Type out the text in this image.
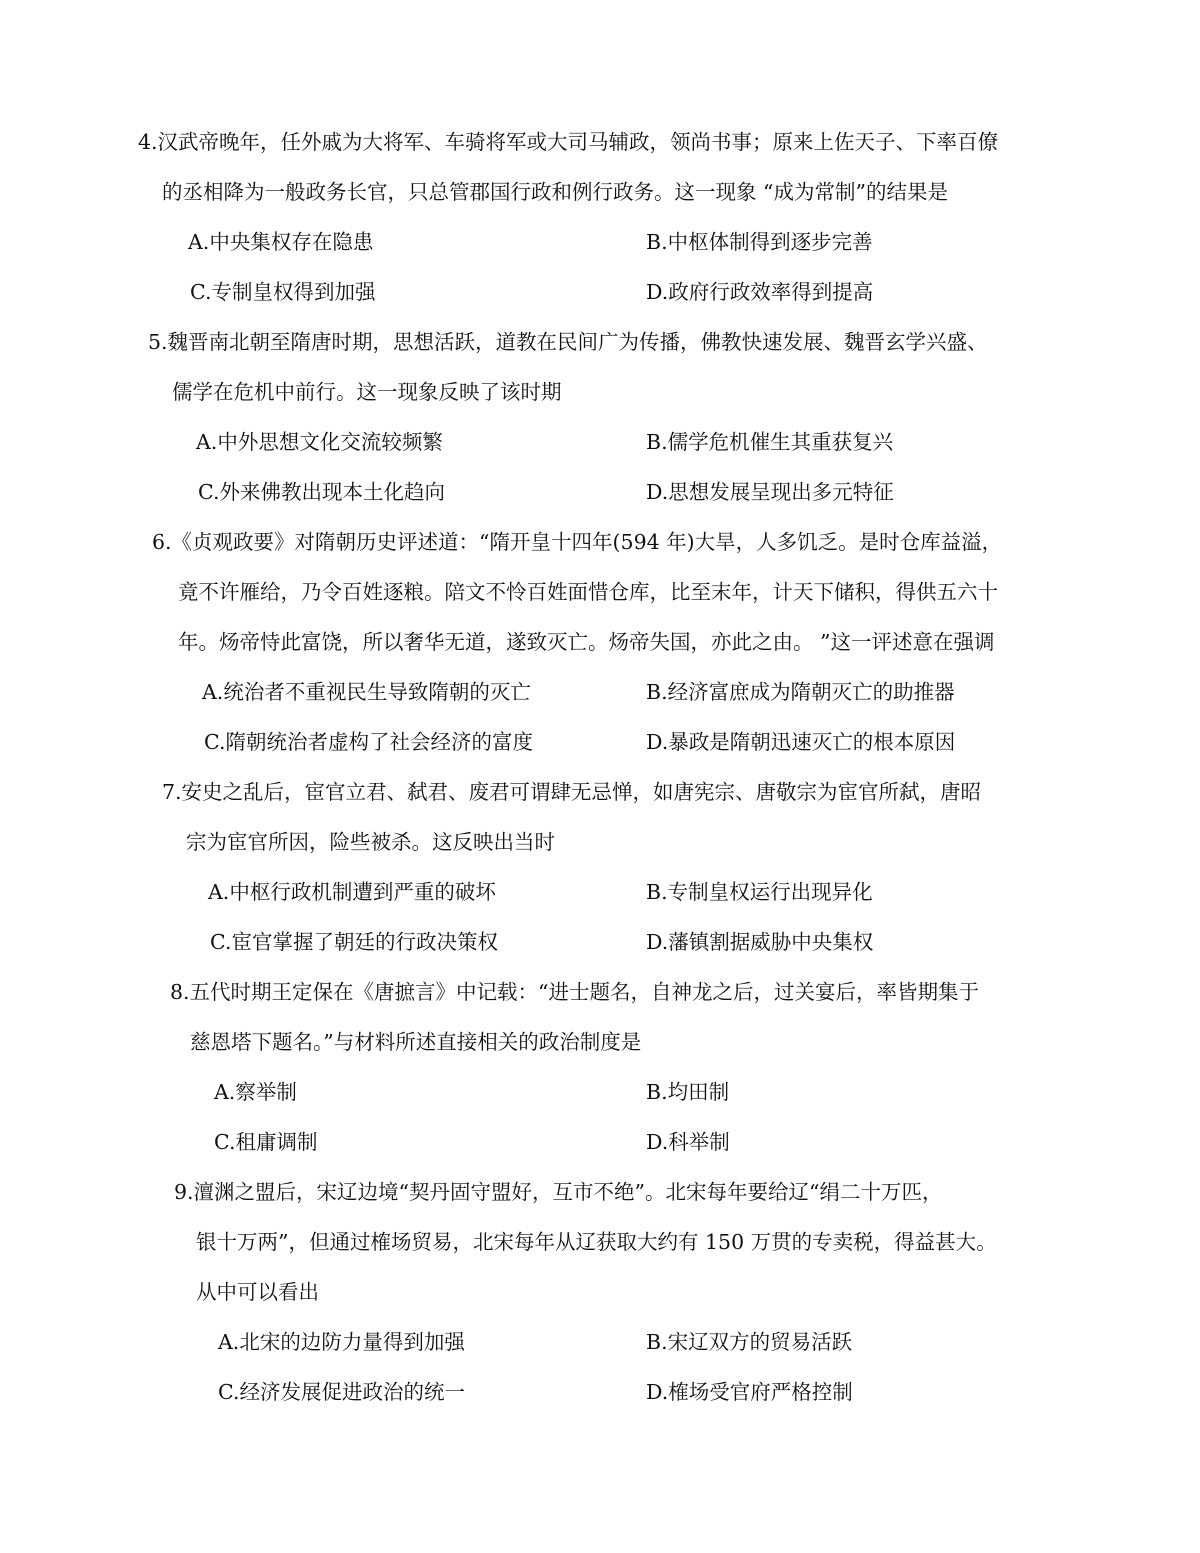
4.汉武帝晚年，任外戚为大将军、车骑将军或大司马辅政，领尚书事；原来上佐天子、下率百僚
的丞相降为一般政务长官，只总管郡国行政和例行政务。这一现象 “成为常制”的结果是
A.中央集权存在隐患	B.中枢体制得到逐步完善
C.专制皇权得到加强	D.政府行政效率得到提高
5.魏晋南北朝至隋唐时期，思想活跃，道教在民间广为传播，佛教快速发展、魏晋玄学兴盛、
儒学在危机中前行。这一现象反映了该时期
A.中外思想文化交流较频繁	B.儒学危机催生其重获复兴
C.外来佛教出现本土化趋向	D.思想发展呈现出多元特征
6.《贞观政要》对隋朝历史评述道：“隋开皇十四年(594 年)大旱，人多饥乏。是时仓库益溢，
竟不许雁给，乃令百姓逐粮。陪文不怜百姓面惜仓库，比至末年，计天下储积，得供五六十
年。炀帝恃此富饶，所以奢华无道，遂致灭亡。炀帝失国，亦此之由。 ”这一评述意在强调
A.统治者不重视民生导致隋朝的灭亡	B.经济富庶成为隋朝灭亡的助推器
C.隋朝统治者虚构了社会经济的富度	D.暴政是隋朝迅速灭亡的根本原因
7.安史之乱后，宦官立君、弑君、废君可谓肆无忌惮，如唐宪宗、唐敬宗为宦官所弑，唐昭
宗为宦官所因，险些被杀。这反映出当时
A.中枢行政机制遭到严重的破坏	B.专制皇权运行出现异化
C.宦官掌握了朝廷的行政决策权	D.藩镇割据威胁中央集权
8.五代时期王定保在《唐摭言》中记载：“进士题名，自神龙之后，过关宴后，率皆期集于
慈恩塔下题名。”与材料所述直接相关的政治制度是
A.察举制	B.均田制
C.租庸调制	D.科举制
9.澶渊之盟后，宋辽边境“契丹固守盟好，互市不绝”。北宋每年要给辽“绢二十万匹，
银十万两”，但通过榷场贸易，北宋每年从辽获取大约有 150 万贯的专卖税，得益甚大。
从中可以看出
A.北宋的边防力量得到加强	B.宋辽双方的贸易活跃
C.经济发展促进政治的统一	D.榷场受官府严格控制
